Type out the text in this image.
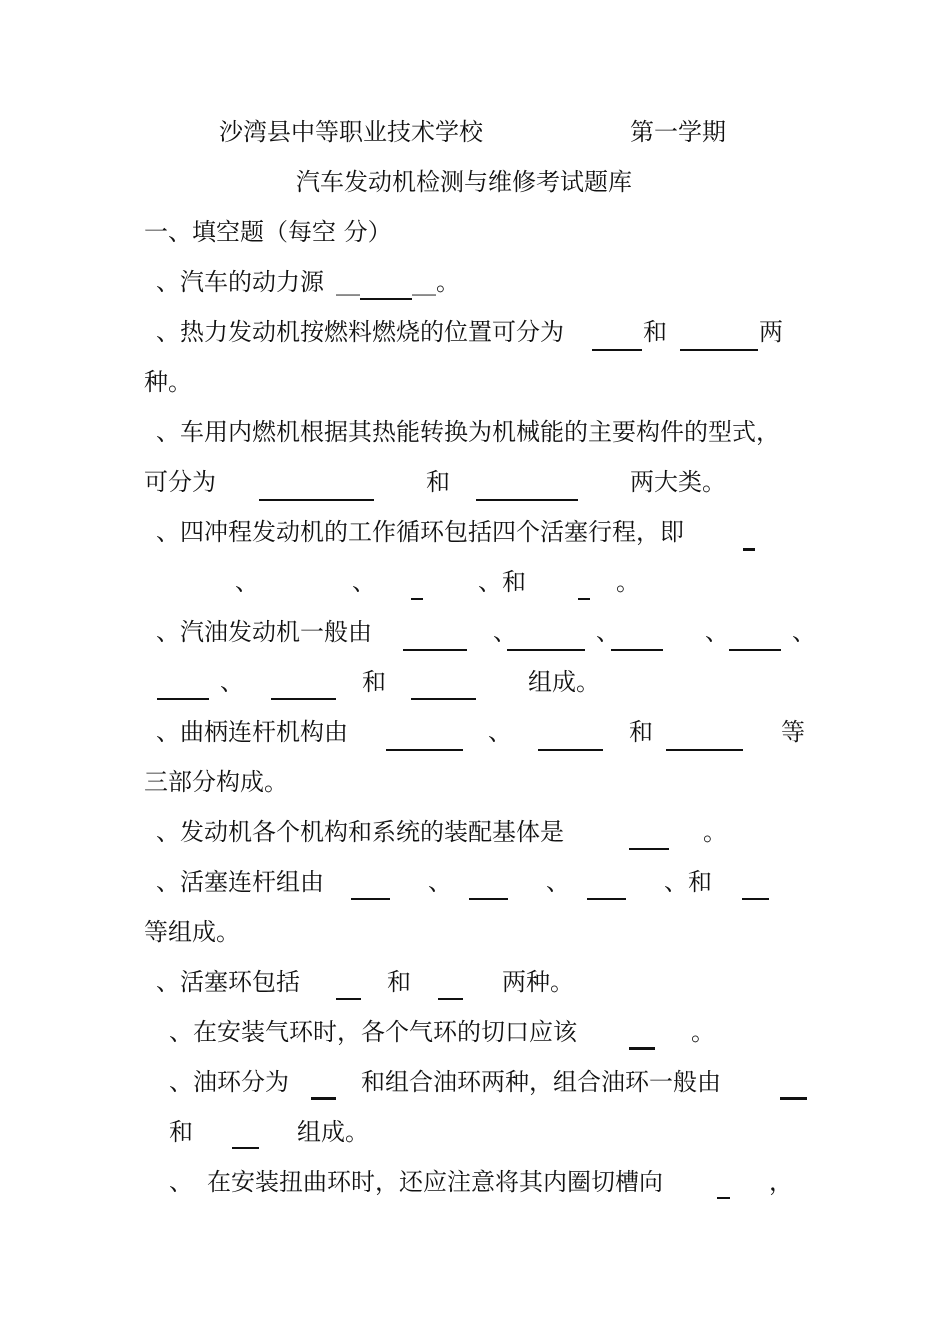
沙湾县中等职业技术学校	第一学期
汽车发动机检测与维修考试题库
一、填空题（每空 分）
、汽车的动力源 __ __。
、热力发动机按燃料燃烧的位置可分为	和	两
种。
、车用内燃机根据其热能转换为机械能的主要构件的型式，
可分为	和	两大类。
、四冲程发动机的工作循环包括四个活塞行程，即
、	、	、和	。
、汽油发动机一般由	、	、	、	、
、	和	组成。
、曲柄连杆机构由	、	和	等
三部分构成。
、发动机各个机构和系统的装配基体是	。
、活塞连杆组由	、	、	、和
等组成。
、活塞环包括	和	两种。
、在安装气环时，各个气环的切口应该	。
、油环分为	和组合油环两种，组合油环一般由
和	组成。
、 在安装扭曲环时，还应注意将其内圈切槽向	，
